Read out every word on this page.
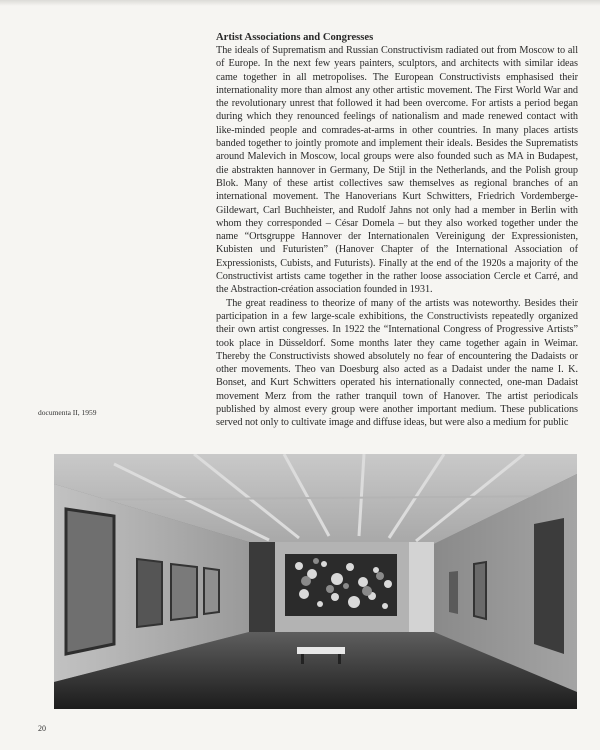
Artist Associations and Congresses

The ideals of Suprematism and Russian Constructivism radiated out from Moscow to all of Europe. In the next few years painters, sculptors, and architects with similar ideas came together in all metropolises. The European Constructivists emphasised their internationality more than almost any other artistic movement. The First World War and the revolutionary unrest that followed it had been overcome. For artists a period began during which they renounced feelings of nationalism and made renewed contact with like-minded people and comrades-at-arms in other countries. In many places artists banded together to jointly promote and implement their ideals. Besides the Suprematists around Malevich in Moscow, local groups were also founded such as MA in Budapest, die abstrakten hannover in Germany, De Stijl in the Netherlands, and the Polish group Blok. Many of these artist collectives saw themselves as regional branches of an international movement. The Hanoverians Kurt Schwitters, Friedrich Vordemberge-Gildewart, Carl Buchheister, and Rudolf Jahns not only had a member in Berlin with whom they corresponded – César Domela – but they also worked together under the name “Ortsgruppe Hannover der Internationalen Vereinigung der Expressionisten, Kubisten und Futuristen” (Hanover Chapter of the International Association of Expressionists, Cubists, and Futurists). Finally at the end of the 1920s a majority of the Constructivist artists came together in the rather loose association Cercle et Carré, and the Abstraction-création association founded in 1931.

The great readiness to theorize of many of the artists was noteworthy. Besides their participation in a few large-scale exhibitions, the Constructivists repeatedly organized their own artist congresses. In 1922 the “International Congress of Progressive Artists” took place in Düsseldorf. Some months later they came together again in Weimar. Thereby the Constructivists showed absolutely no fear of encountering the Dadaists or other movements. Theo van Doesburg also acted as a Dadaist under the name I. K. Bonset, and Kurt Schwitters operated his internationally connected, one-man Dadaist movement Merz from the rather tranquil town of Hanover. The artist periodicals published by almost every group were another important medium. These publications served not only to cultivate image and diffuse ideas, but were also a medium for public

documenta II, 1959
20
